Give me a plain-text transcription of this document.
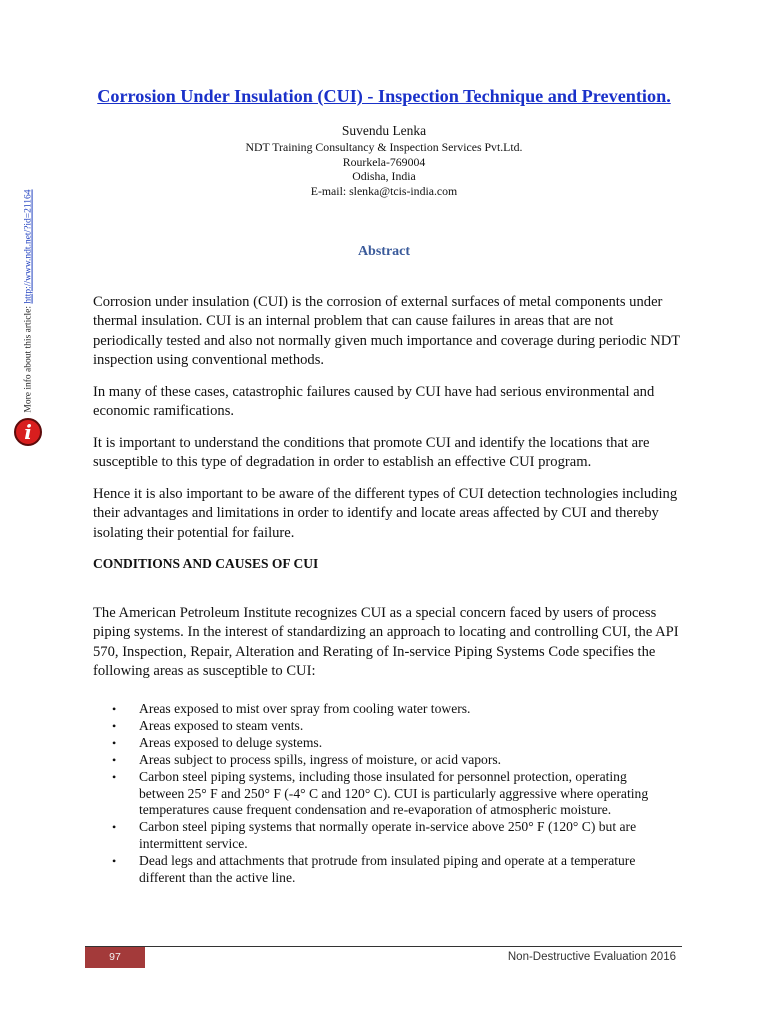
More info about this article: http://www.ndt.net/?id=21164
i
Corrosion Under Insulation (CUI) - Inspection Technique and Prevention.
Suvendu Lenka
NDT Training Consultancy & Inspection Services Pvt.Ltd.
Rourkela-769004
Odisha, India
E-mail: slenka@tcis-india.com
Abstract

Corrosion under insulation (CUI) is the corrosion of external surfaces of metal components under thermal insulation. CUI is an internal problem that can cause failures in areas that are not periodically tested and also not normally given much importance and coverage during periodic NDT inspection using conventional methods.

In many of these cases, catastrophic failures caused by CUI have had serious environmental and economic ramifications.

It is important to understand the conditions that promote CUI and identify the locations that are susceptible to this type of degradation in order to establish an effective CUI program.

Hence it is also important to be aware of the different types of CUI detection technologies including their advantages and limitations in order to identify and locate areas affected by CUI and thereby isolating their potential for failure.

CONDITIONS AND CAUSES OF CUI

The American Petroleum Institute recognizes CUI as a special concern faced by users of process piping systems. In the interest of standardizing an approach to locating and controlling CUI, the API 570, Inspection, Repair, Alteration and Rerating of In-service Piping Systems Code specifies the following areas as susceptible to CUI:

• Areas exposed to mist over spray from cooling water towers.
• Areas exposed to steam vents.
• Areas exposed to deluge systems.
• Areas subject to process spills, ingress of moisture, or acid vapors.
• Carbon steel piping systems, including those insulated for personnel protection, operating between 25° F and 250° F (-4° C and 120° C). CUI is particularly aggressive where operating temperatures cause frequent condensation and re-evaporation of atmospheric moisture.
• Carbon steel piping systems that normally operate in-service above 250° F (120° C) but are intermittent service.
• Dead legs and attachments that protrude from insulated piping and operate at a temperature different than the active line.
97	Non-Destructive Evaluation 2016
